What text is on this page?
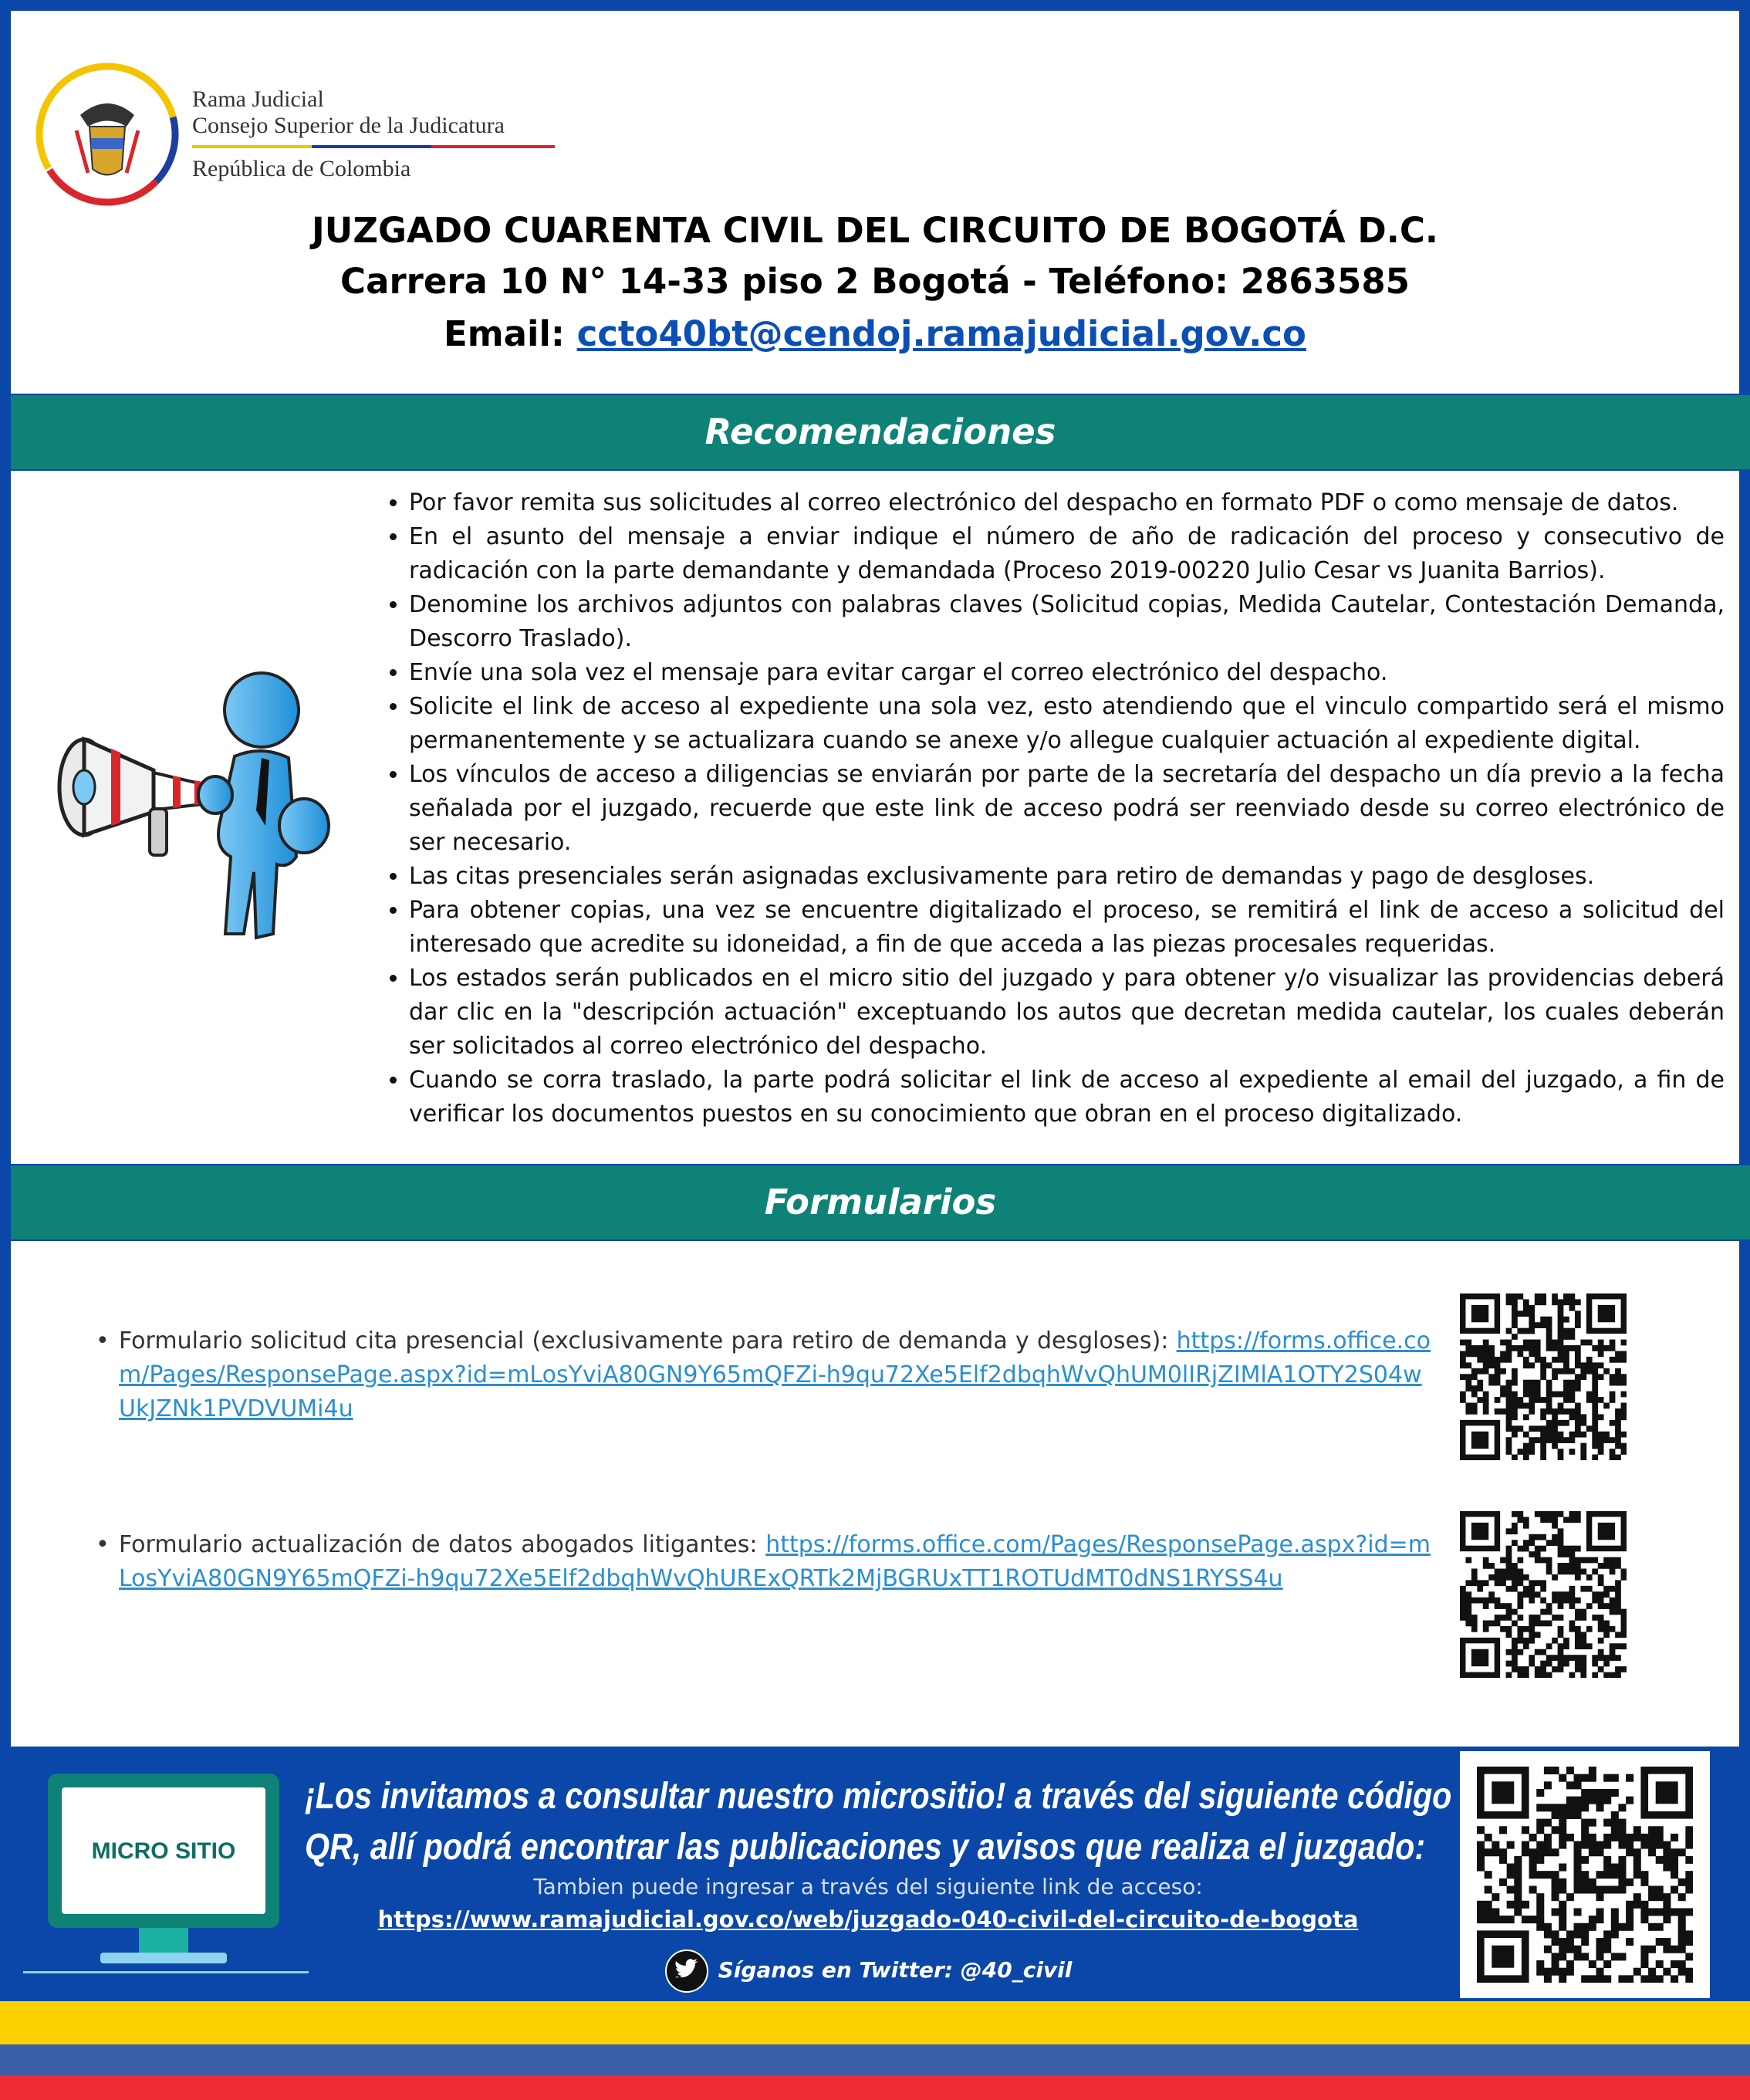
Rama Judicial
Consejo Superior de la Judicatura
República de Colombia
JUZGADO CUARENTA CIVIL DEL CIRCUITO DE BOGOTÁ D.C.
Carrera 10 N° 14-33 piso 2 Bogotá - Teléfono: 2863585
Email: ccto40bt@cendoj.ramajudicial.gov.co
Recomendaciones
• Por favor remita sus solicitudes al correo electrónico del despacho en formato PDF o como mensaje de datos.
• En el asunto del mensaje a enviar indique el número de año de radicación del proceso y consecutivo de radicación con la parte demandante y demandada (Proceso 2019-00220 Julio Cesar vs Juanita Barrios).
• Denomine los archivos adjuntos con palabras claves (Solicitud copias, Medida Cautelar, Contestación Demanda, Descorro Traslado).
• Envíe una sola vez el mensaje para evitar cargar el correo electrónico del despacho.
• Solicite el link de acceso al expediente una sola vez, esto atendiendo que el vinculo compartido será el mismo permanentemente y se actualizara cuando se anexe y/o allegue cualquier actuación al expediente digital.
• Los vínculos de acceso a diligencias se enviarán por parte de la secretaría del despacho un día previo a la fecha señalada por el juzgado, recuerde que este link de acceso podrá ser reenviado desde su correo electrónico de ser necesario.
• Las citas presenciales serán asignadas exclusivamente para retiro de demandas y pago de desgloses.
• Para obtener copias, una vez se encuentre digitalizado el proceso, se remitirá el link de acceso a solicitud del interesado que acredite su idoneidad, a fin de que acceda a las piezas procesales requeridas.
• Los estados serán publicados en el micro sitio del juzgado y para obtener y/o visualizar las providencias deberá dar clic en la "descripción actuación" exceptuando los autos que decretan medida cautelar, los cuales deberán ser solicitados al correo electrónico del despacho.
• Cuando se corra traslado, la parte podrá solicitar el link de acceso al expediente al email del juzgado, a fin de verificar los documentos puestos en su conocimiento que obran en el proceso digitalizado.
Formularios
• Formulario solicitud cita presencial (exclusivamente para retiro de demanda y desgloses): https://forms.office.com/Pages/ResponsePage.aspx?id=mLosYviA80GN9Y65mQFZi-h9qu72Xe5Elf2dbqhWvQhUM0lIRjZIMlA1OTY2S04wUkJZNk1PVDVUMi4u
• Formulario actualización de datos abogados litigantes: https://forms.office.com/Pages/ResponsePage.aspx?id=mLosYviA80GN9Y65mQFZi-h9qu72Xe5Elf2dbqhWvQhURExQRTk2MjBGRUxTT1ROTUdMT0dNS1RYSS4u
MICRO SITIO
¡Los invitamos a consultar nuestro micrositio! a través del siguiente código
QR, allí podrá encontrar las publicaciones y avisos que realiza el juzgado:
Tambien puede ingresar a través del siguiente link de acceso:
https://www.ramajudicial.gov.co/web/juzgado-040-civil-del-circuito-de-bogota
Síganos en Twitter: @40_civil
